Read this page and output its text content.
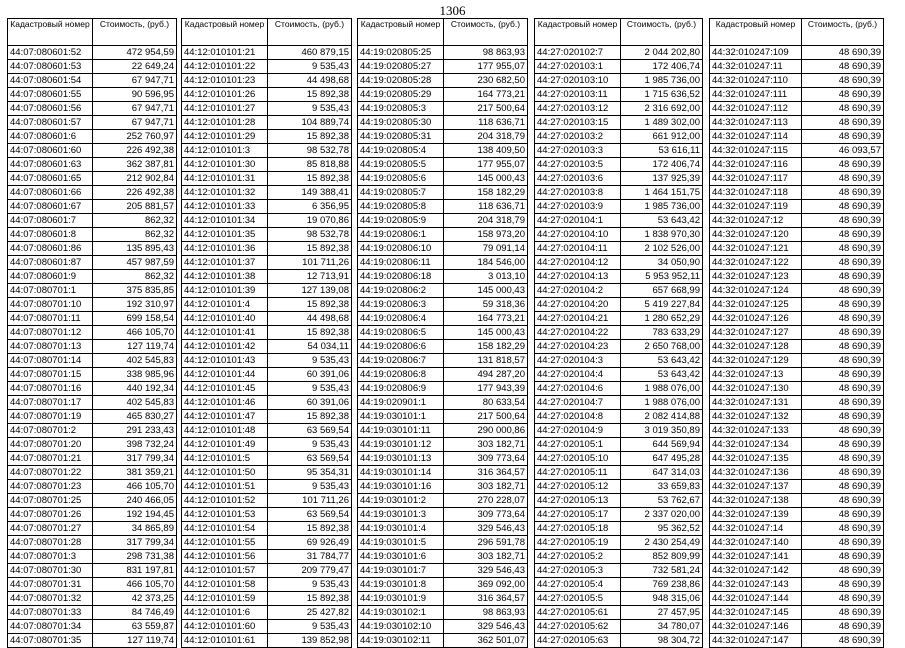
1306
Кадастровый номер	Стоимость, (руб.)
44:07:080601:52	472 954,59
44:07:080601:53	22 649,24
44:07:080601:54	67 947,71
44:07:080601:55	90 596,95
44:07:080601:56	67 947,71
44:07:080601:57	67 947,71
44:07:080601:6	252 760,97
44:07:080601:60	226 492,38
44:07:080601:63	362 387,81
44:07:080601:65	212 902,84
44:07:080601:66	226 492,38
44:07:080601:67	205 881,57
44:07:080601:7	862,32
44:07:080601:8	862,32
44:07:080601:86	135 895,43
44:07:080601:87	457 987,59
44:07:080601:9	862,32
44:07:080701:1	375 835,85
44:07:080701:10	192 310,97
44:07:080701:11	699 158,54
44:07:080701:12	466 105,70
44:07:080701:13	127 119,74
44:07:080701:14	402 545,83
44:07:080701:15	338 985,96
44:07:080701:16	440 192,34
44:07:080701:17	402 545,83
44:07:080701:19	465 830,27
44:07:080701:2	291 233,43
44:07:080701:20	398 732,24
44:07:080701:21	317 799,34
44:07:080701:22	381 359,21
44:07:080701:23	466 105,70
44:07:080701:25	240 466,05
44:07:080701:26	192 194,45
44:07:080701:27	34 865,89
44:07:080701:28	317 799,34
44:07:080701:3	298 731,38
44:07:080701:30	831 197,81
44:07:080701:31	466 105,70
44:07:080701:32	42 373,25
44:07:080701:33	84 746,49
44:07:080701:34	63 559,87
44:07:080701:35	127 119,74
Кадастровый номер	Стоимость, (руб.)
44:12:010101:21	460 879,15
44:12:010101:22	9 535,43
44:12:010101:23	44 498,68
44:12:010101:26	15 892,38
44:12:010101:27	9 535,43
44:12:010101:28	104 889,74
44:12:010101:29	15 892,38
44:12:010101:3	98 532,78
44:12:010101:30	85 818,88
44:12:010101:31	15 892,38
44:12:010101:32	149 388,41
44:12:010101:33	6 356,95
44:12:010101:34	19 070,86
44:12:010101:35	98 532,78
44:12:010101:36	15 892,38
44:12:010101:37	101 711,26
44:12:010101:38	12 713,91
44:12:010101:39	127 139,08
44:12:010101:4	15 892,38
44:12:010101:40	44 498,68
44:12:010101:41	15 892,38
44:12:010101:42	54 034,11
44:12:010101:43	9 535,43
44:12:010101:44	60 391,06
44:12:010101:45	9 535,43
44:12:010101:46	60 391,06
44:12:010101:47	15 892,38
44:12:010101:48	63 569,54
44:12:010101:49	9 535,43
44:12:010101:5	63 569,54
44:12:010101:50	95 354,31
44:12:010101:51	9 535,43
44:12:010101:52	101 711,26
44:12:010101:53	63 569,54
44:12:010101:54	15 892,38
44:12:010101:55	69 926,49
44:12:010101:56	31 784,77
44:12:010101:57	209 779,47
44:12:010101:58	9 535,43
44:12:010101:59	15 892,38
44:12:010101:6	25 427,82
44:12:010101:60	9 535,43
44:12:010101:61	139 852,98
Кадастровый номер	Стоимость, (руб.)
44:19:020805:25	98 863,93
44:19:020805:27	177 955,07
44:19:020805:28	230 682,50
44:19:020805:29	164 773,21
44:19:020805:3	217 500,64
44:19:020805:30	118 636,71
44:19:020805:31	204 318,79
44:19:020805:4	138 409,50
44:19:020805:5	177 955,07
44:19:020805:6	145 000,43
44:19:020805:7	158 182,29
44:19:020805:8	118 636,71
44:19:020805:9	204 318,79
44:19:020806:1	158 973,20
44:19:020806:10	79 091,14
44:19:020806:11	184 546,00
44:19:020806:18	3 013,10
44:19:020806:2	145 000,43
44:19:020806:3	59 318,36
44:19:020806:4	164 773,21
44:19:020806:5	145 000,43
44:19:020806:6	158 182,29
44:19:020806:7	131 818,57
44:19:020806:8	494 287,20
44:19:020806:9	177 943,39
44:19:020901:1	80 633,54
44:19:030101:1	217 500,64
44:19:030101:11	290 000,86
44:19:030101:12	303 182,71
44:19:030101:13	309 773,64
44:19:030101:14	316 364,57
44:19:030101:16	303 182,71
44:19:030101:2	270 228,07
44:19:030101:3	309 773,64
44:19:030101:4	329 546,43
44:19:030101:5	296 591,78
44:19:030101:6	303 182,71
44:19:030101:7	329 546,43
44:19:030101:8	369 092,00
44:19:030101:9	316 364,57
44:19:030102:1	98 863,93
44:19:030102:10	329 546,43
44:19:030102:11	362 501,07
Кадастровый номер	Стоимость, (руб.)
44:27:020102:7	2 044 202,80
44:27:020103:1	172 406,74
44:27:020103:10	1 985 736,00
44:27:020103:11	1 715 636,52
44:27:020103:12	2 316 692,00
44:27:020103:15	1 489 302,00
44:27:020103:2	661 912,00
44:27:020103:3	53 616,11
44:27:020103:5	172 406,74
44:27:020103:6	137 925,39
44:27:020103:8	1 464 151,75
44:27:020103:9	1 985 736,00
44:27:020104:1	53 643,42
44:27:020104:10	1 838 970,30
44:27:020104:11	2 102 526,00
44:27:020104:12	34 050,90
44:27:020104:13	5 953 952,11
44:27:020104:2	657 668,99
44:27:020104:20	5 419 227,84
44:27:020104:21	1 280 652,29
44:27:020104:22	783 633,29
44:27:020104:23	2 650 768,00
44:27:020104:3	53 643,42
44:27:020104:4	53 643,42
44:27:020104:6	1 988 076,00
44:27:020104:7	1 988 076,00
44:27:020104:8	2 082 414,88
44:27:020104:9	3 019 350,89
44:27:020105:1	644 569,94
44:27:020105:10	647 495,28
44:27:020105:11	647 314,03
44:27:020105:12	33 659,83
44:27:020105:13	53 762,67
44:27:020105:17	2 337 020,00
44:27:020105:18	95 362,52
44:27:020105:19	2 430 254,49
44:27:020105:2	852 809,99
44:27:020105:3	732 581,24
44:27:020105:4	769 238,86
44:27:020105:5	948 315,06
44:27:020105:61	27 457,95
44:27:020105:62	34 780,07
44:27:020105:63	98 304,72
Кадастровый номер	Стоимость, (руб.)
44:32:010247:109	48 690,39
44:32:010247:11	48 690,39
44:32:010247:110	48 690,39
44:32:010247:111	48 690,39
44:32:010247:112	48 690,39
44:32:010247:113	48 690,39
44:32:010247:114	48 690,39
44:32:010247:115	46 093,57
44:32:010247:116	48 690,39
44:32:010247:117	48 690,39
44:32:010247:118	48 690,39
44:32:010247:119	48 690,39
44:32:010247:12	48 690,39
44:32:010247:120	48 690,39
44:32:010247:121	48 690,39
44:32:010247:122	48 690,39
44:32:010247:123	48 690,39
44:32:010247:124	48 690,39
44:32:010247:125	48 690,39
44:32:010247:126	48 690,39
44:32:010247:127	48 690,39
44:32:010247:128	48 690,39
44:32:010247:129	48 690,39
44:32:010247:13	48 690,39
44:32:010247:130	48 690,39
44:32:010247:131	48 690,39
44:32:010247:132	48 690,39
44:32:010247:133	48 690,39
44:32:010247:134	48 690,39
44:32:010247:135	48 690,39
44:32:010247:136	48 690,39
44:32:010247:137	48 690,39
44:32:010247:138	48 690,39
44:32:010247:139	48 690,39
44:32:010247:14	48 690,39
44:32:010247:140	48 690,39
44:32:010247:141	48 690,39
44:32:010247:142	48 690,39
44:32:010247:143	48 690,39
44:32:010247:144	48 690,39
44:32:010247:145	48 690,39
44:32:010247:146	48 690,39
44:32:010247:147	48 690,39
